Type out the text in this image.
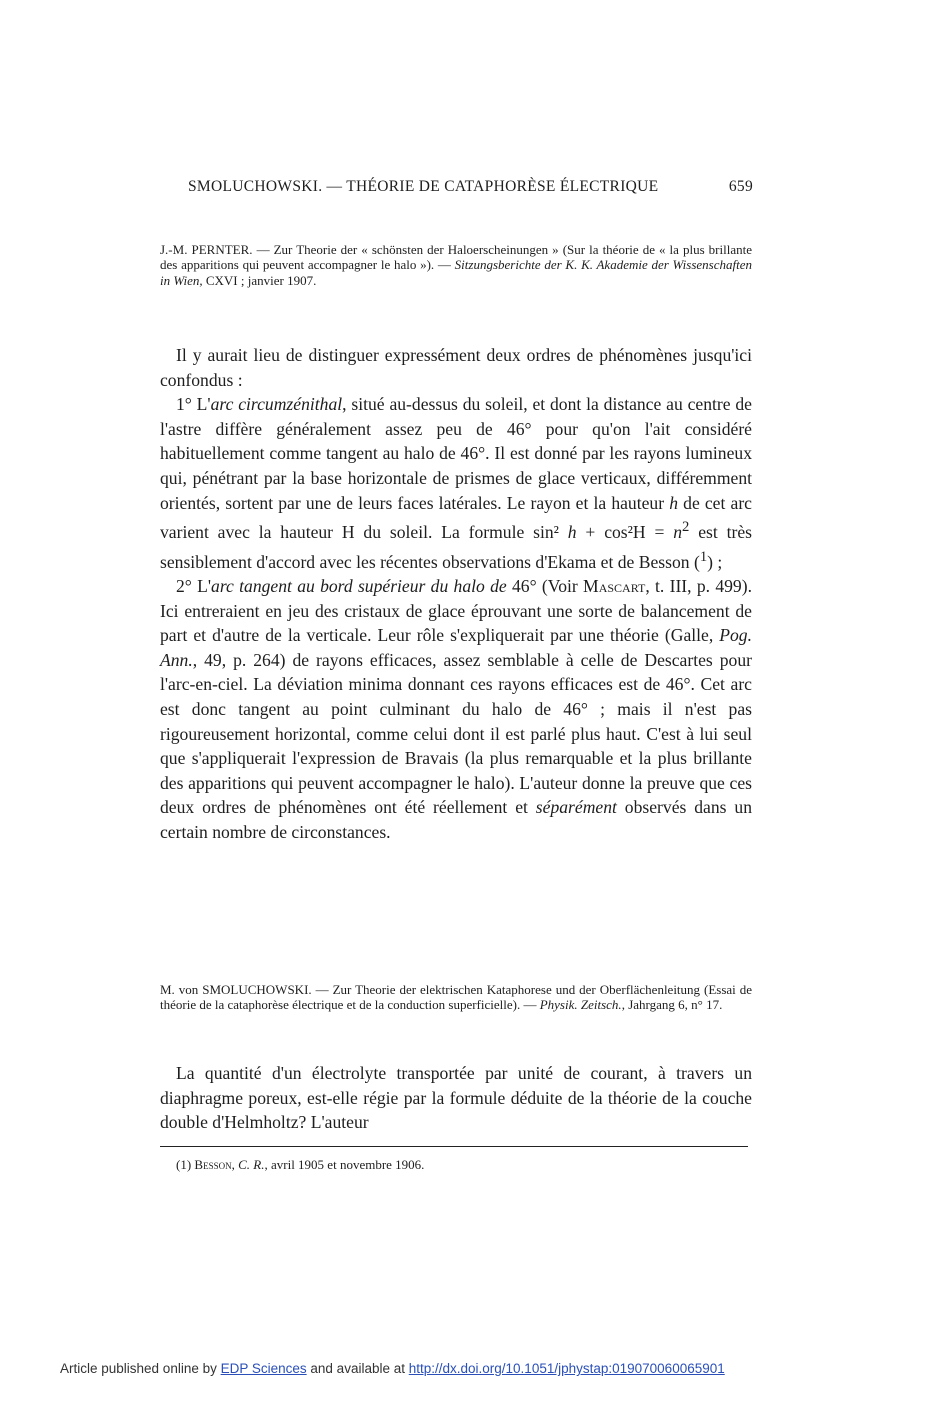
SMOLUCHOWSKI. — THÉORIE DE CATAPHORÈSE ÉLECTRIQUE	659

J.-M. PERNTER. — Zur Theorie der « schönsten der Haloerscheinungen » (Sur la théorie de « la plus brillante des apparitions qui peuvent accompagner le halo »). — Sitzungsberichte der K. K. Akademie der Wissenschaften in Wien, CXVI ; janvier 1907.

Il y aurait lieu de distinguer expressément deux ordres de phénomènes jusqu'ici confondus :

1° L'arc circumzénithal, situé au-dessus du soleil, et dont la distance au centre de l'astre diffère généralement assez peu de 46° pour qu'on l'ait considéré habituellement comme tangent au halo de 46°. Il est donné par les rayons lumineux qui, pénétrant par la base horizontale de prismes de glace verticaux, différemment orientés, sortent par une de leurs faces latérales. Le rayon et la hauteur h de cet arc varient avec la hauteur H du soleil. La formule sin² $h + \cos^2H = n^2$ est très sensiblement d'accord avec les récentes observations d'Ekama et de Besson ($^1$) ;

2° L'arc tangent au bord supérieur du halo de 46° (Voir Mascart, t. III, p. 499). Ici entreraient en jeu des cristaux de glace éprouvant une sorte de balancement de part et d'autre de la verticale. Leur rôle s'expliquerait par une théorie (Galle, Pog. Ann., 49, p. 264) de rayons efficaces, assez semblable à celle de Descartes pour l'arc-en-ciel. La déviation minima donnant ces rayons efficaces est de 46°. Cet arc est donc tangent au point culminant du halo de 46° ; mais il n'est pas rigoureusement horizontal, comme celui dont il est parlé plus haut. C'est à lui seul que s'appliquerait l'expression de Bravais (la plus remarquable et la plus brillante des apparitions qui peuvent accompagner le halo). L'auteur donne la preuve que ces deux ordres de phénomènes ont été réellement et séparément observés dans un certain nombre de circonstances.

M. von SMOLUCHOWSKI. — Zur Theorie der elektrischen Kataphorese und der Oberflächenleitung (Essai de théorie de la cataphorèse électrique et de la conduction superficielle). — Physik. Zeitsch., Jahrgang 6, n° 17.

La quantité d'un électrolyte transportée par unité de courant, à travers un diaphragme poreux, est-elle régie par la formule déduite de la théorie de la couche double d'Helmholtz? L'auteur

(1) Besson, C. R., avril 1905 et novembre 1906.
Article published online by EDP Sciences and available at http://dx.doi.org/10.1051/jphystap:019070060065901
